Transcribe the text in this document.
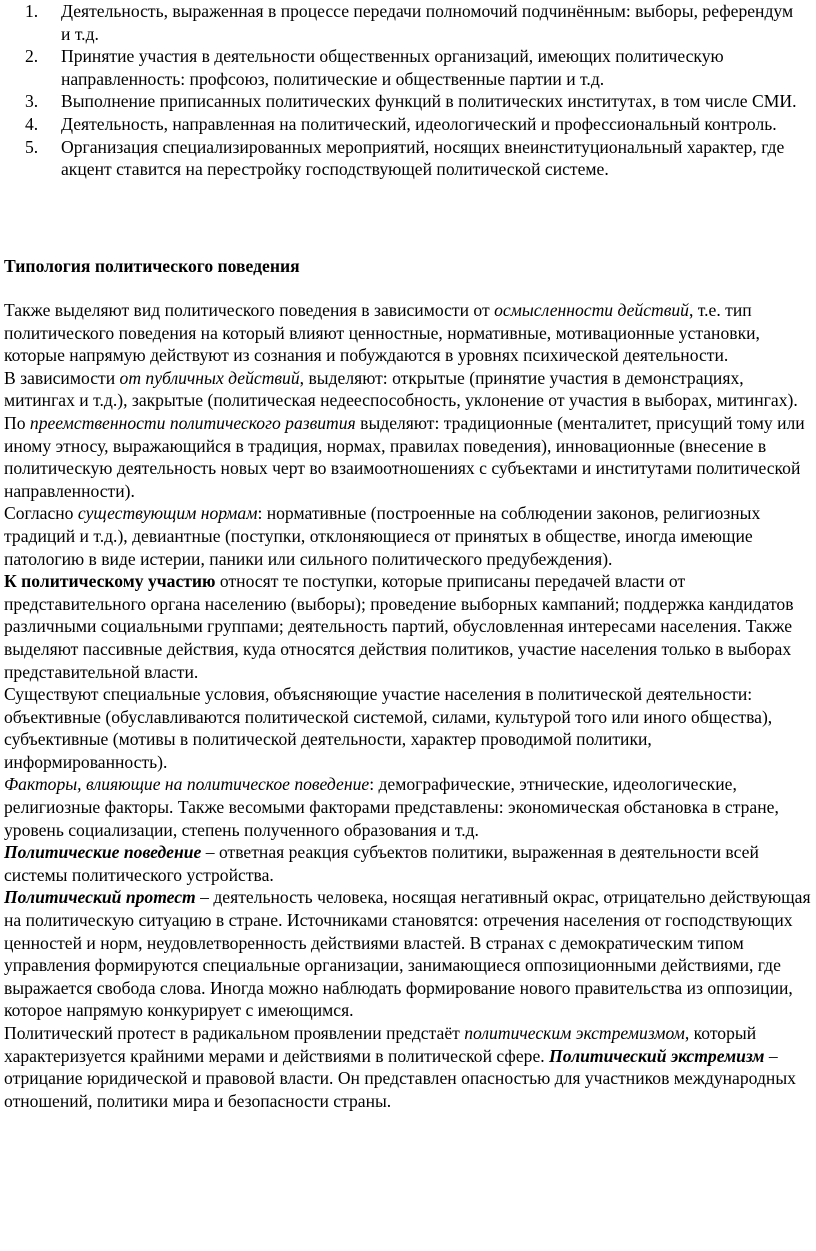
1. Деятельность, выраженная в процессе передачи полномочий подчинённым: выборы, референдум и т.д.
2. Принятие участия в деятельности общественных организаций, имеющих политическую направленность: профсоюз, политические и общественные партии и т.д.
3. Выполнение приписанных политических функций в политических институтах, в том числе СМИ.
4. Деятельность, направленная на политический, идеологический и профессиональный контроль.
5. Организация специализированных мероприятий, носящих внеинституциональный характер, где акцент ставится на перестройку господствующей политической системе.
Типология политического поведения

Также выделяют вид политического поведения в зависимости от осмысленности действий, т.е. тип политического поведения на который влияют ценностные, нормативные, мотивационные установки, которые напрямую действуют из сознания и побуждаются в уровнях психической деятельности.

В зависимости от публичных действий, выделяют: открытые (принятие участия в демонстрациях, митингах и т.д.), закрытые (политическая недееспособность, уклонение от участия в выборах, митингах).

По преемственности политического развития выделяют: традиционные (менталитет, присущий тому или иному этносу, выражающийся в традиция, нормах, правилах поведения), инновационные (внесение в политическую деятельность новых черт во взаимоотношениях с субъектами и институтами политической направленности).

Согласно существующим нормам: нормативные (построенные на соблюдении законов, религиозных традиций и т.д.), девиантные (поступки, отклоняющиеся от принятых в обществе, иногда имеющие патологию в виде истерии, паники или сильного политического предубеждения).

К политическому участию относят те поступки, которые приписаны передачей власти от представительного органа населению (выборы); проведение выборных кампаний; поддержка кандидатов различными социальными группами; деятельность партий, обусловленная интересами населения. Также выделяют пассивные действия, куда относятся действия политиков, участие населения только в выборах представительной власти.

Существуют специальные условия, объясняющие участие населения в политической деятельности: объективные (обуславливаются политической системой, силами, культурой того или иного общества), субъективные (мотивы в политической деятельности, характер проводимой политики, информированность).

Факторы, влияющие на политическое поведение: демографические, этнические, идеологические, религиозные факторы. Также весомыми факторами представлены: экономическая обстановка в стране, уровень социализации, степень полученного образования и т.д.

Политические поведение – ответная реакция субъектов политики, выраженная в деятельности всей системы политического устройства.

Политический протест – деятельность человека, носящая негативный окрас, отрицательно действующая на политическую ситуацию в стране. Источниками становятся: отречения населения от господствующих ценностей и норм, неудовлетворенность действиями властей. В странах с демократическим типом управления формируются специальные организации, занимающиеся оппозиционными действиями, где выражается свобода слова. Иногда можно наблюдать формирование нового правительства из оппозиции, которое напрямую конкурирует с имеющимся.

Политический протест в радикальном проявлении предстаёт политическим экстремизмом, который характеризуется крайними мерами и действиями в политической сфере. Политический экстремизм – отрицание юридической и правовой власти. Он представлен опасностью для участников международных отношений, политики мира и безопасности страны.
